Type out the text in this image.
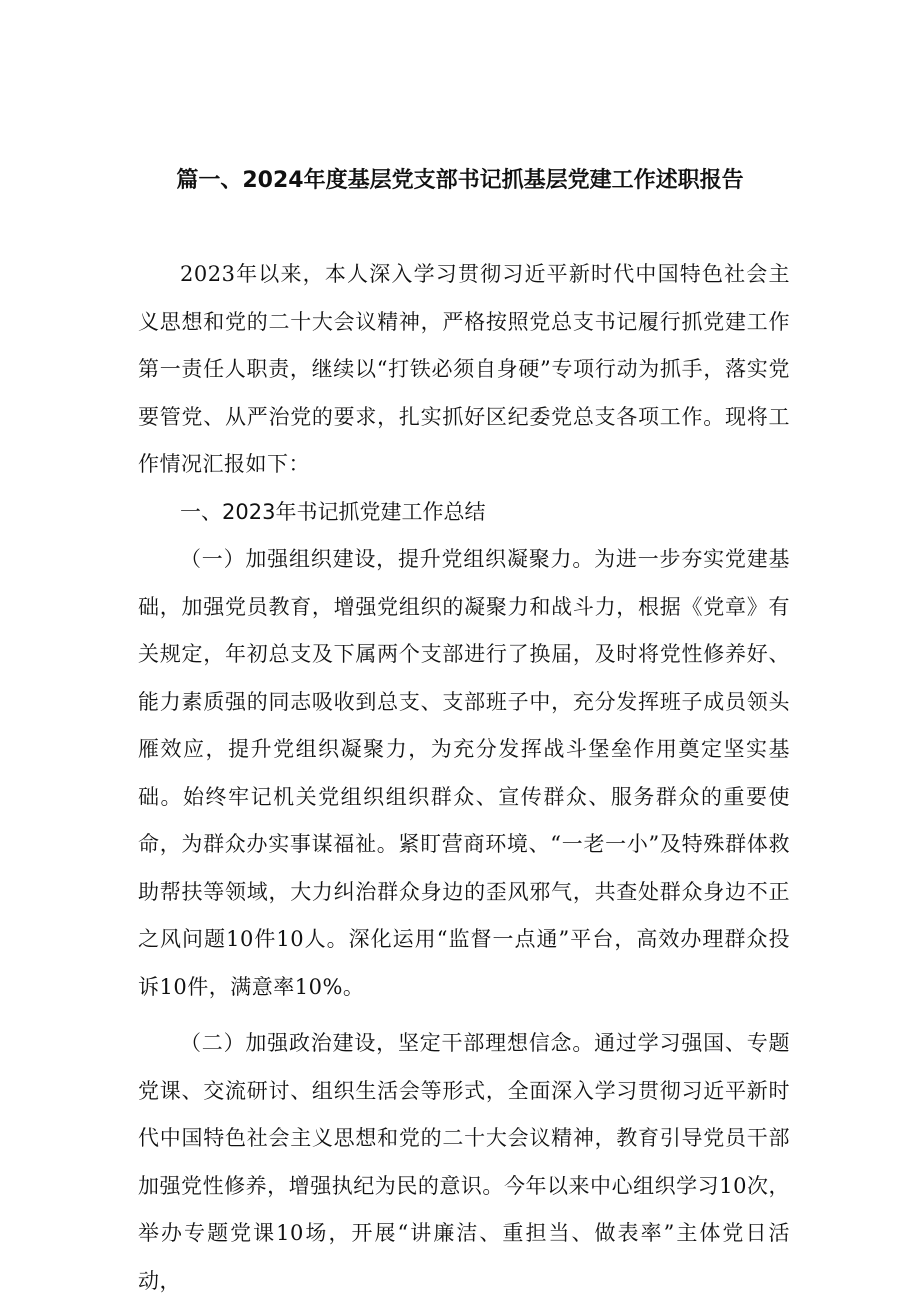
篇一、2024年度基层党支部书记抓基层党建工作述职报告

2023年以来，本人深入学习贯彻习近平新时代中国特色社会主义思想和党的二十大会议精神，严格按照党总支书记履行抓党建工作第一责任人职责，继续以“打铁必须自身硬”专项行动为抓手，落实党要管党、从严治党的要求，扎实抓好区纪委党总支各项工作。现将工作情况汇报如下：

一、2023年书记抓党建工作总结

（一）加强组织建设，提升党组织凝聚力。为进一步夯实党建基础，加强党员教育，增强党组织的凝聚力和战斗力，根据《党章》有关规定，年初总支及下属两个支部进行了换届，及时将党性修养好、能力素质强的同志吸收到总支、支部班子中，充分发挥班子成员领头雁效应，提升党组织凝聚力，为充分发挥战斗堡垒作用奠定坚实基础。始终牢记机关党组织组织群众、宣传群众、服务群众的重要使命，为群众办实事谋福祉。紧盯营商环境、“一老一小”及特殊群体救助帮扶等领域，大力纠治群众身边的歪风邪气，共查处群众身边不正之风问题10件10人。深化运用“监督一点通”平台，高效办理群众投诉10件，满意率10%。

（二）加强政治建设，坚定干部理想信念。通过学习强国、专题党课、交流研讨、组织生活会等形式，全面深入学习贯彻习近平新时代中国特色社会主义思想和党的二十大会议精神，教育引导党员干部加强党性修养，增强执纪为民的意识。今年以来中心组织学习10次，举办专题党课10场，开展“讲廉洁、重担当、做表率”主体党日活动，
